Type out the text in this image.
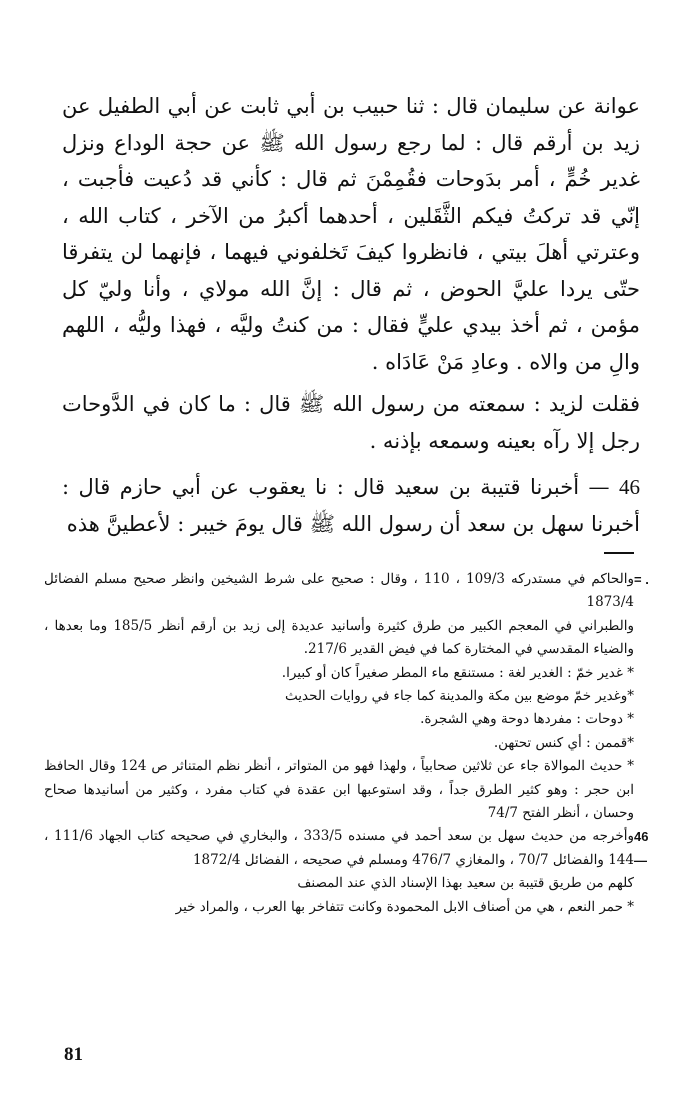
عوانة عن سليمان قال : ثنا حبيب بن أبي ثابت عن أبي الطفيل عن زيد بن أرقم قال : لما رجع رسول الله ﷺ عن حجة الوداع ونزل غدير خُمٍّ ، أمر بدَوحات فقُمِمْنَ ثم قال : كأني قد دُعيت فأجبت ، إنّي قد تركتُ فيكم الثَّقَلين ، أحدهما أكبرُ من الآخر ، كتاب الله ، وعترتي أهلَ بيتي ، فانظروا كيفَ تَخلفوني فيهما ، فإنهما لن يتفرقا حتّى يردا عليَّ الحوض ، ثم قال : إنَّ الله مولاي ، وأنا وليّ كل مؤمن ، ثم أخذ بيدي عليٍّ فقال : من كنتُ وليَّه ، فهذا وليُّه ، اللهم والِ من والاه . وعادِ مَنْ عَادَاه .

فقلت لزيد : سمعته من رسول الله ﷺ قال : ما كان في الدَّوحات رجل إلا رآه بعينه وسمعه بإذنه .

46 — أخبرنا قتيبة بن سعيد قال : نا يعقوب عن أبي حازم قال : أخبرنا سهل بن سعد أن رسول الله ﷺ قال يومَ خيبر : لأعطينَّ هذه

= .
والحاكم في مستدركه 109/3 ، 110 ، وقال : صحيح على شرط الشيخين وانظر صحيح مسلم الفضائل 1873/4
والطبراني في المعجم الكبير من طرق كثيرة وأسانيد عديدة إلى زيد بن أرقم أنظر 185/5 وما بعدها ، والضياء المقدسي في المختارة كما في فيض القدير 217/6.
* غدير خمّ : الغدير لغة : مستنقع ماء المطر صغيراً كان أو كبيرا.
*وغدير خمّ موضع بين مكة والمدينة كما جاء في روايات الحديث
* دوحات : مفردها دوحة وهي الشجرة.
*قممن : أي كنس تحتهن.
* حديث الموالاة جاء عن ثلاثين صحابياً ، ولهذا فهو من المتواتر ، أنظر نظم المتناثر ص 124 وقال الحافظ ابن حجر : وهو كثير الطرق جداً ، وقد استوعبها ابن عقدة في كتاب مفرد ، وكثير من أسانيدها صحاح وحسان ، أنظر الفتح 74/7
46 —
وأخرجه من حديث سهل بن سعد أحمد في مسنده 333/5 ، والبخاري في صحيحه كتاب الجهاد 111/6 ، 144 والفضائل 70/7 ، والمغازي 476/7 ومسلم في صحيحه ، الفضائل 1872/4
كلهم من طريق قتيبة بن سعيد بهذا الإسناد الذي عند المصنف
* حمر النعم ، هي من أصناف الابل المحمودة وكانت تتفاخر بها العرب ، والمراد خير
81
